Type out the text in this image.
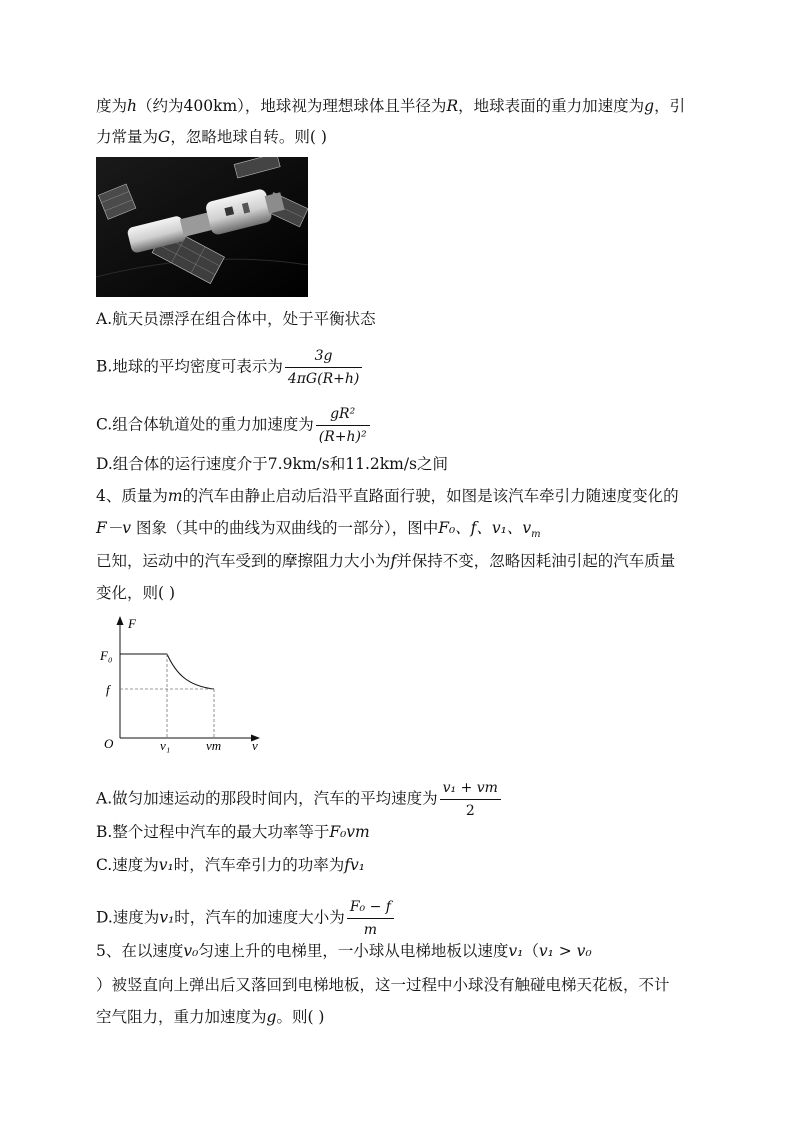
度为h（约为400km），地球视为理想球体且半径为R，地球表面的重力加速度为g，引
力常量为G，忽略地球自转。则( )
A.航天员漂浮在组合体中，处于平衡状态
B.地球的平均密度可表示为 $\frac{3g}{4\pi G(R+h)}$
C.组合体轨道处的重力加速度为 $\frac{\text{gR²}}{\text{(R+h)²}}$
D.组合体的运行速度介于7.9km/s和11.2km/s之间
4、质量为m的汽车由静止启动后沿平直路面行驶，如图是该汽车牵引力随速度变化的
F－v 图象（其中的曲线为双曲线的一部分），图中F₀、f、v₁、$v_m$
已知，运动中的汽车受到的摩擦阻力大小为f并保持不变，忽略因耗油引起的汽车质量
变化，则( )
F
v
O
F₀
f
v₁	vm
A.做匀加速运动的那段时间内，汽车的平均速度为 $\frac{\text{v₁ + vm}}{2}$
B.整个过程中汽车的最大功率等于F₀vm
C.速度为v₁时，汽车牵引力的功率为fv₁
D.速度为v₁时，汽车的加速度大小为 $\frac{\text{F₀ − f}}{m}$
5、在以速度v₀匀速上升的电梯里，一小球从电梯地板以速度v₁（v₁ > v₀
）被竖直向上弹出后又落回到电梯地板，这一过程中小球没有触碰电梯天花板，不计
空气阻力，重力加速度为g。则( )
